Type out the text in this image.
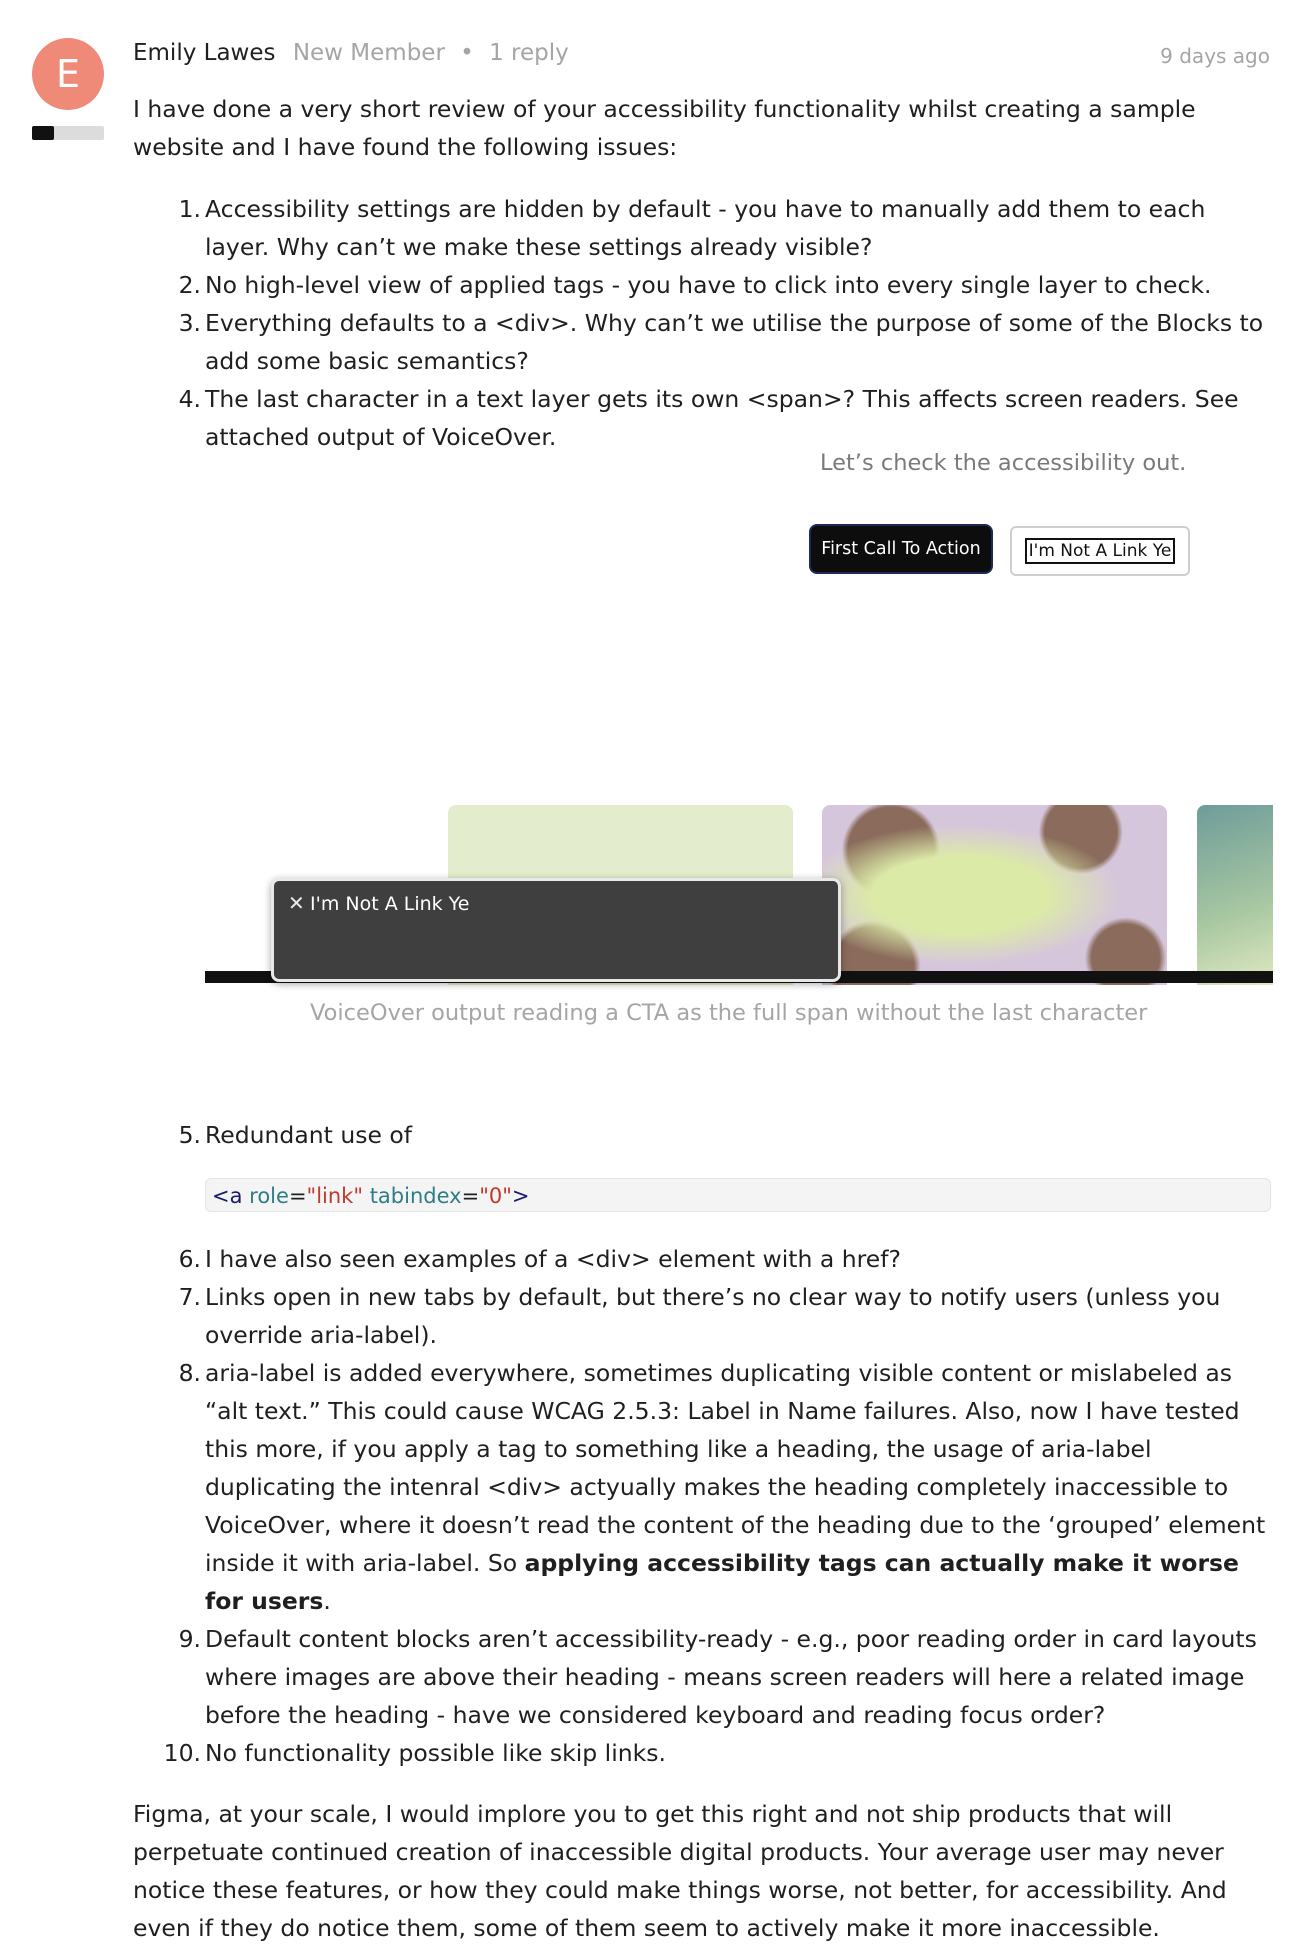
E	Emily Lawes New Member • 1 reply	9 days ago

I have done a very short review of your accessibility functionality whilst creating a sample website and I have found the following issues:

1. Accessibility settings are hidden by default - you have to manually add them to each layer. Why can’t we make these settings already visible?
2. No high-level view of applied tags - you have to click into every single layer to check.
3. Everything defaults to a <div>. Why can’t we utilise the purpose of some of the Blocks to add some basic semantics?
4. The last character in a text layer gets its own <span>? This affects screen readers. See attached output of VoiceOver.
Let’s check the accessibility out.
First Call To Action	I'm Not A Link Ye
✕ I'm Not A Link Ye
VoiceOver output reading a CTA as the full span without the last character
5. Redundant use of
<a role="link" tabindex="0">
6. I have also seen examples of a <div> element with a href?
7. Links open in new tabs by default, but there’s no clear way to notify users (unless you override aria-label).
8. aria-label is added everywhere, sometimes duplicating visible content or mislabeled as “alt text.” This could cause WCAG 2.5.3: Label in Name failures. Also, now I have tested this more, if you apply a tag to something like a heading, the usage of aria-label duplicating the intenral <div> actyually makes the heading completely inaccessible to VoiceOver, where it doesn’t read the content of the heading due to the ‘grouped’ element inside it with aria-label. So applying accessibility tags can actually make it worse for users.
9. Default content blocks aren’t accessibility-ready - e.g., poor reading order in card layouts where images are above their heading - means screen readers will here a related image before the heading - have we considered keyboard and reading focus order?
10. No functionality possible like skip links.

Figma, at your scale, I would implore you to get this right and not ship products that will perpetuate continued creation of inaccessible digital products. Your average user may never notice these features, or how they could make things worse, not better, for accessibility. And even if they do notice them, some of them seem to actively make it more inaccessible.
